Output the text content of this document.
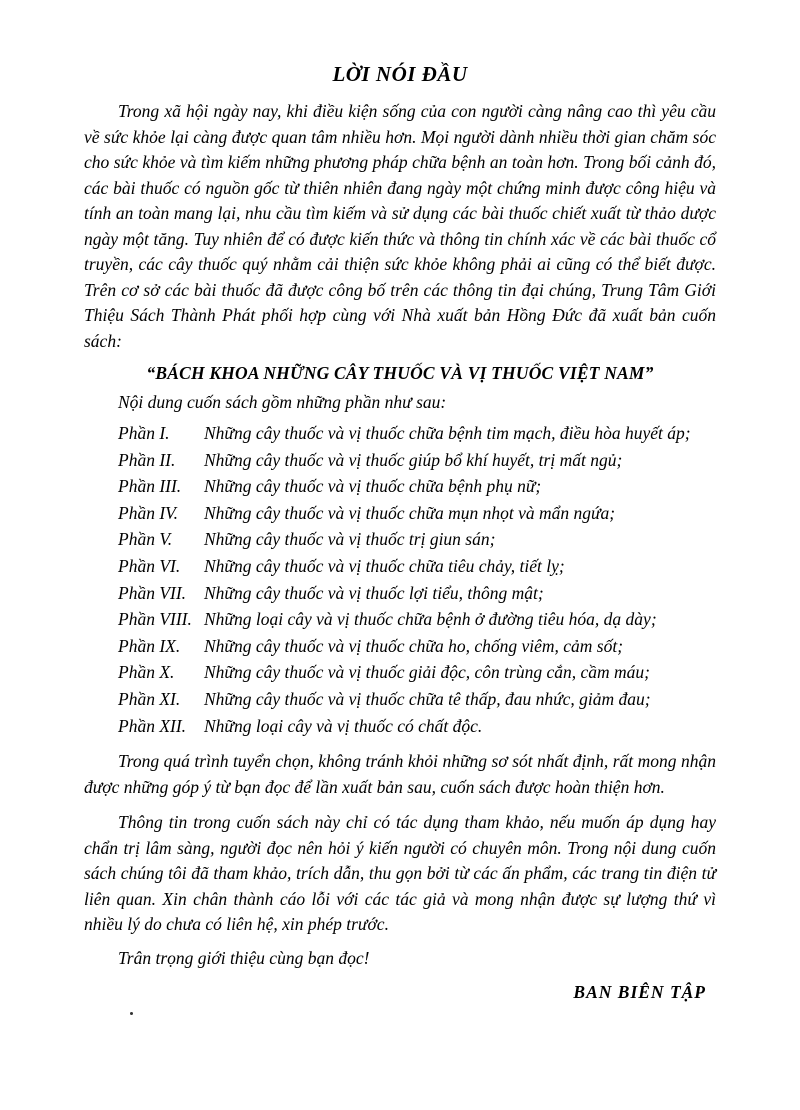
LỜI NÓI ĐẦU

Trong xã hội ngày nay, khi điều kiện sống của con người càng nâng cao thì yêu cầu về sức khỏe lại càng được quan tâm nhiều hơn. Mọi người dành nhiều thời gian chăm sóc cho sức khỏe và tìm kiếm những phương pháp chữa bệnh an toàn hơn. Trong bối cảnh đó, các bài thuốc có nguồn gốc từ thiên nhiên đang ngày một chứng minh được công hiệu và tính an toàn mang lại, nhu cầu tìm kiếm và sử dụng các bài thuốc chiết xuất từ thảo dược ngày một tăng. Tuy nhiên để có được kiến thức và thông tin chính xác về các bài thuốc cổ truyền, các cây thuốc quý nhằm cải thiện sức khỏe không phải ai cũng có thể biết được. Trên cơ sở các bài thuốc đã được công bố trên các thông tin đại chúng, Trung Tâm Giới Thiệu Sách Thành Phát phối hợp cùng với Nhà xuất bản Hồng Đức đã xuất bản cuốn sách:

“BÁCH KHOA NHỮNG CÂY THUỐC VÀ VỊ THUỐC VIỆT NAM”

Nội dung cuốn sách gồm những phần như sau:

Phần I. Những cây thuốc và vị thuốc chữa bệnh tim mạch, điều hòa huyết áp;
Phần II.	Những cây thuốc và vị thuốc giúp bổ khí huyết, trị mất ngủ;
Phần III.	Những cây thuốc và vị thuốc chữa bệnh phụ nữ;
Phần IV.	Những cây thuốc và vị thuốc chữa mụn nhọt và mẩn ngứa;
Phần V.	Những cây thuốc và vị thuốc trị giun sán;
Phần VI.	Những cây thuốc và vị thuốc chữa tiêu chảy, tiết lỵ;
Phần VII.	Những cây thuốc và vị thuốc lợi tiểu, thông mật;
Phần VIII. Những loại cây và vị thuốc chữa bệnh ở đường tiêu hóa, dạ dày;
Phần IX.	Những cây thuốc và vị thuốc chữa ho, chống viêm, cảm sốt;
Phần X.	Những cây thuốc và vị thuốc giải độc, côn trùng cắn, cầm máu;
Phần XI.	Những cây thuốc và vị thuốc chữa tê thấp, đau nhức, giảm đau;
Phần XII.	Những loại cây và vị thuốc có chất độc.

Trong quá trình tuyển chọn, không tránh khỏi những sơ sót nhất định, rất mong nhận được những góp ý từ bạn đọc để lần xuất bản sau, cuốn sách được hoàn thiện hơn.

Thông tin trong cuốn sách này chỉ có tác dụng tham khảo, nếu muốn áp dụng hay chẩn trị lâm sàng, người đọc nên hỏi ý kiến người có chuyên môn. Trong nội dung cuốn sách chúng tôi đã tham khảo, trích dẫn, thu gọn bởi từ các ấn phẩm, các trang tin điện tử liên quan. Xin chân thành cáo lỗi với các tác giả và mong nhận được sự lượng thứ vì nhiều lý do chưa có liên hệ, xin phép trước.

Trân trọng giới thiệu cùng bạn đọc!

BAN BIÊN TẬP
